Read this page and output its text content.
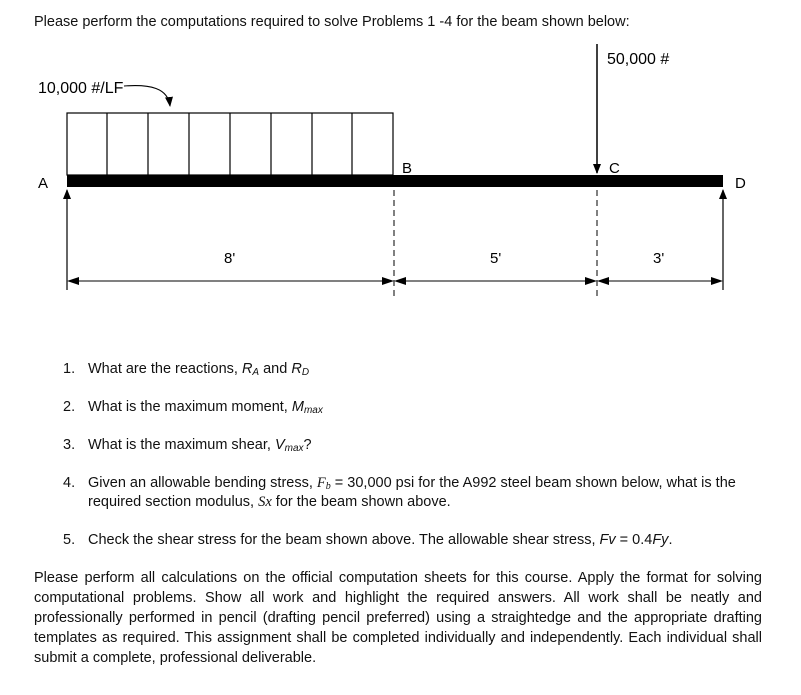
Please perform the computations required to solve Problems 1 -4 for the beam shown below:
10,000 #/LF
50,000 #
A
B	C
D
8'	5'	3'
1. What are the reactions, $R_A$ and $R_D$
2. What is the maximum moment, $M_{max}$
3. What is the maximum shear, $V_{max}$?
4. Given an allowable bending stress, $F_b = 30,000$ psi for the A992 steel beam shown below, what is the required section modulus, Sx for the beam shown above.
5. Check the shear stress for the beam shown above. The allowable shear stress, Fv = 0.4Fy.
Please perform all calculations on the official computation sheets for this course. Apply the format for solving computational problems. Show all work and highlight the required answers. All work shall be neatly and professionally performed in pencil (drafting pencil preferred) using a straightedge and the appropriate drafting templates as required. This assignment shall be completed individually and independently. Each individual shall submit a complete, professional deliverable.
